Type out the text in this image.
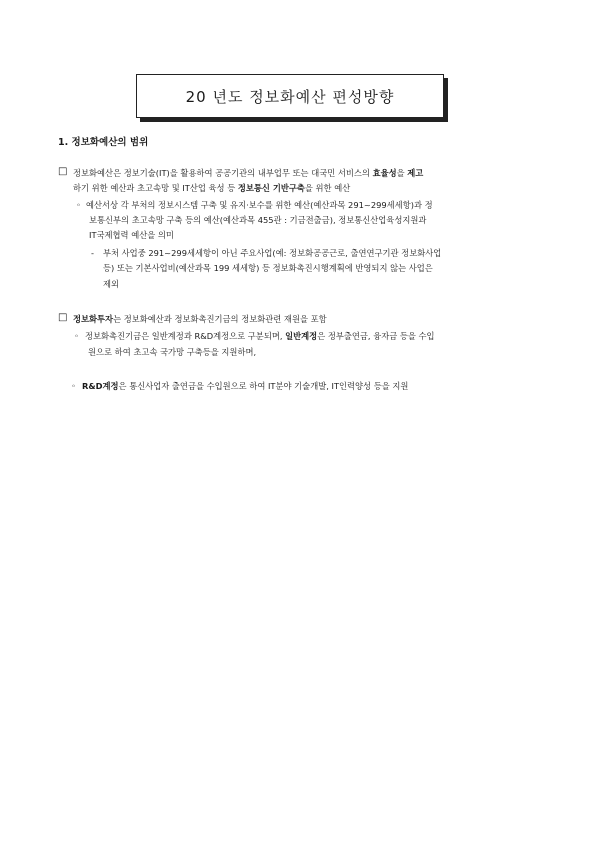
20 년도 정보화예산 편성방향
1. 정보화예산의 범위
□ 정보화예산은 정보기술(IT)을 활용하여 공공기관의 내부업무 또는 대국민 서비스의 효율성을 제고
하기 위한 예산과 초고속망 및 IT산업 육성 등 정보통신 기반구축을 위한 예산
◦ 예산서상 각 부처의 정보시스템 구축 및 유지·보수를 위한 예산(예산과목 291~299세세항)과 정
보통신부의 초고속망 구축 등의 예산(예산과목 455관 : 기금전출금), 정보통신산업육성지원과
IT국제협력 예산을 의미
- 부처 사업중 291~299세세항이 아닌 주요사업(예: 정보화공공근로, 출연연구기관 정보화사업
등) 또는 기본사업비(예산과목 199 세세항) 등 정보화촉진시행계획에 반영되지 않는 사업은
제외
□ 정보화투자는 정보화예산과 정보화촉진기금의 정보화관련 재원을 포함
◦ 정보화촉진기금은 일반계정과 R&D계정으로 구분되며, 일반계정은 정부출연금, 융자금 등을 수입
원으로 하여 초고속 국가망 구축등을 지원하며,
◦ R&D계정은 통신사업자 출연금을 수입원으로 하여 IT분야 기술개발, IT인력양성 등을 지원
